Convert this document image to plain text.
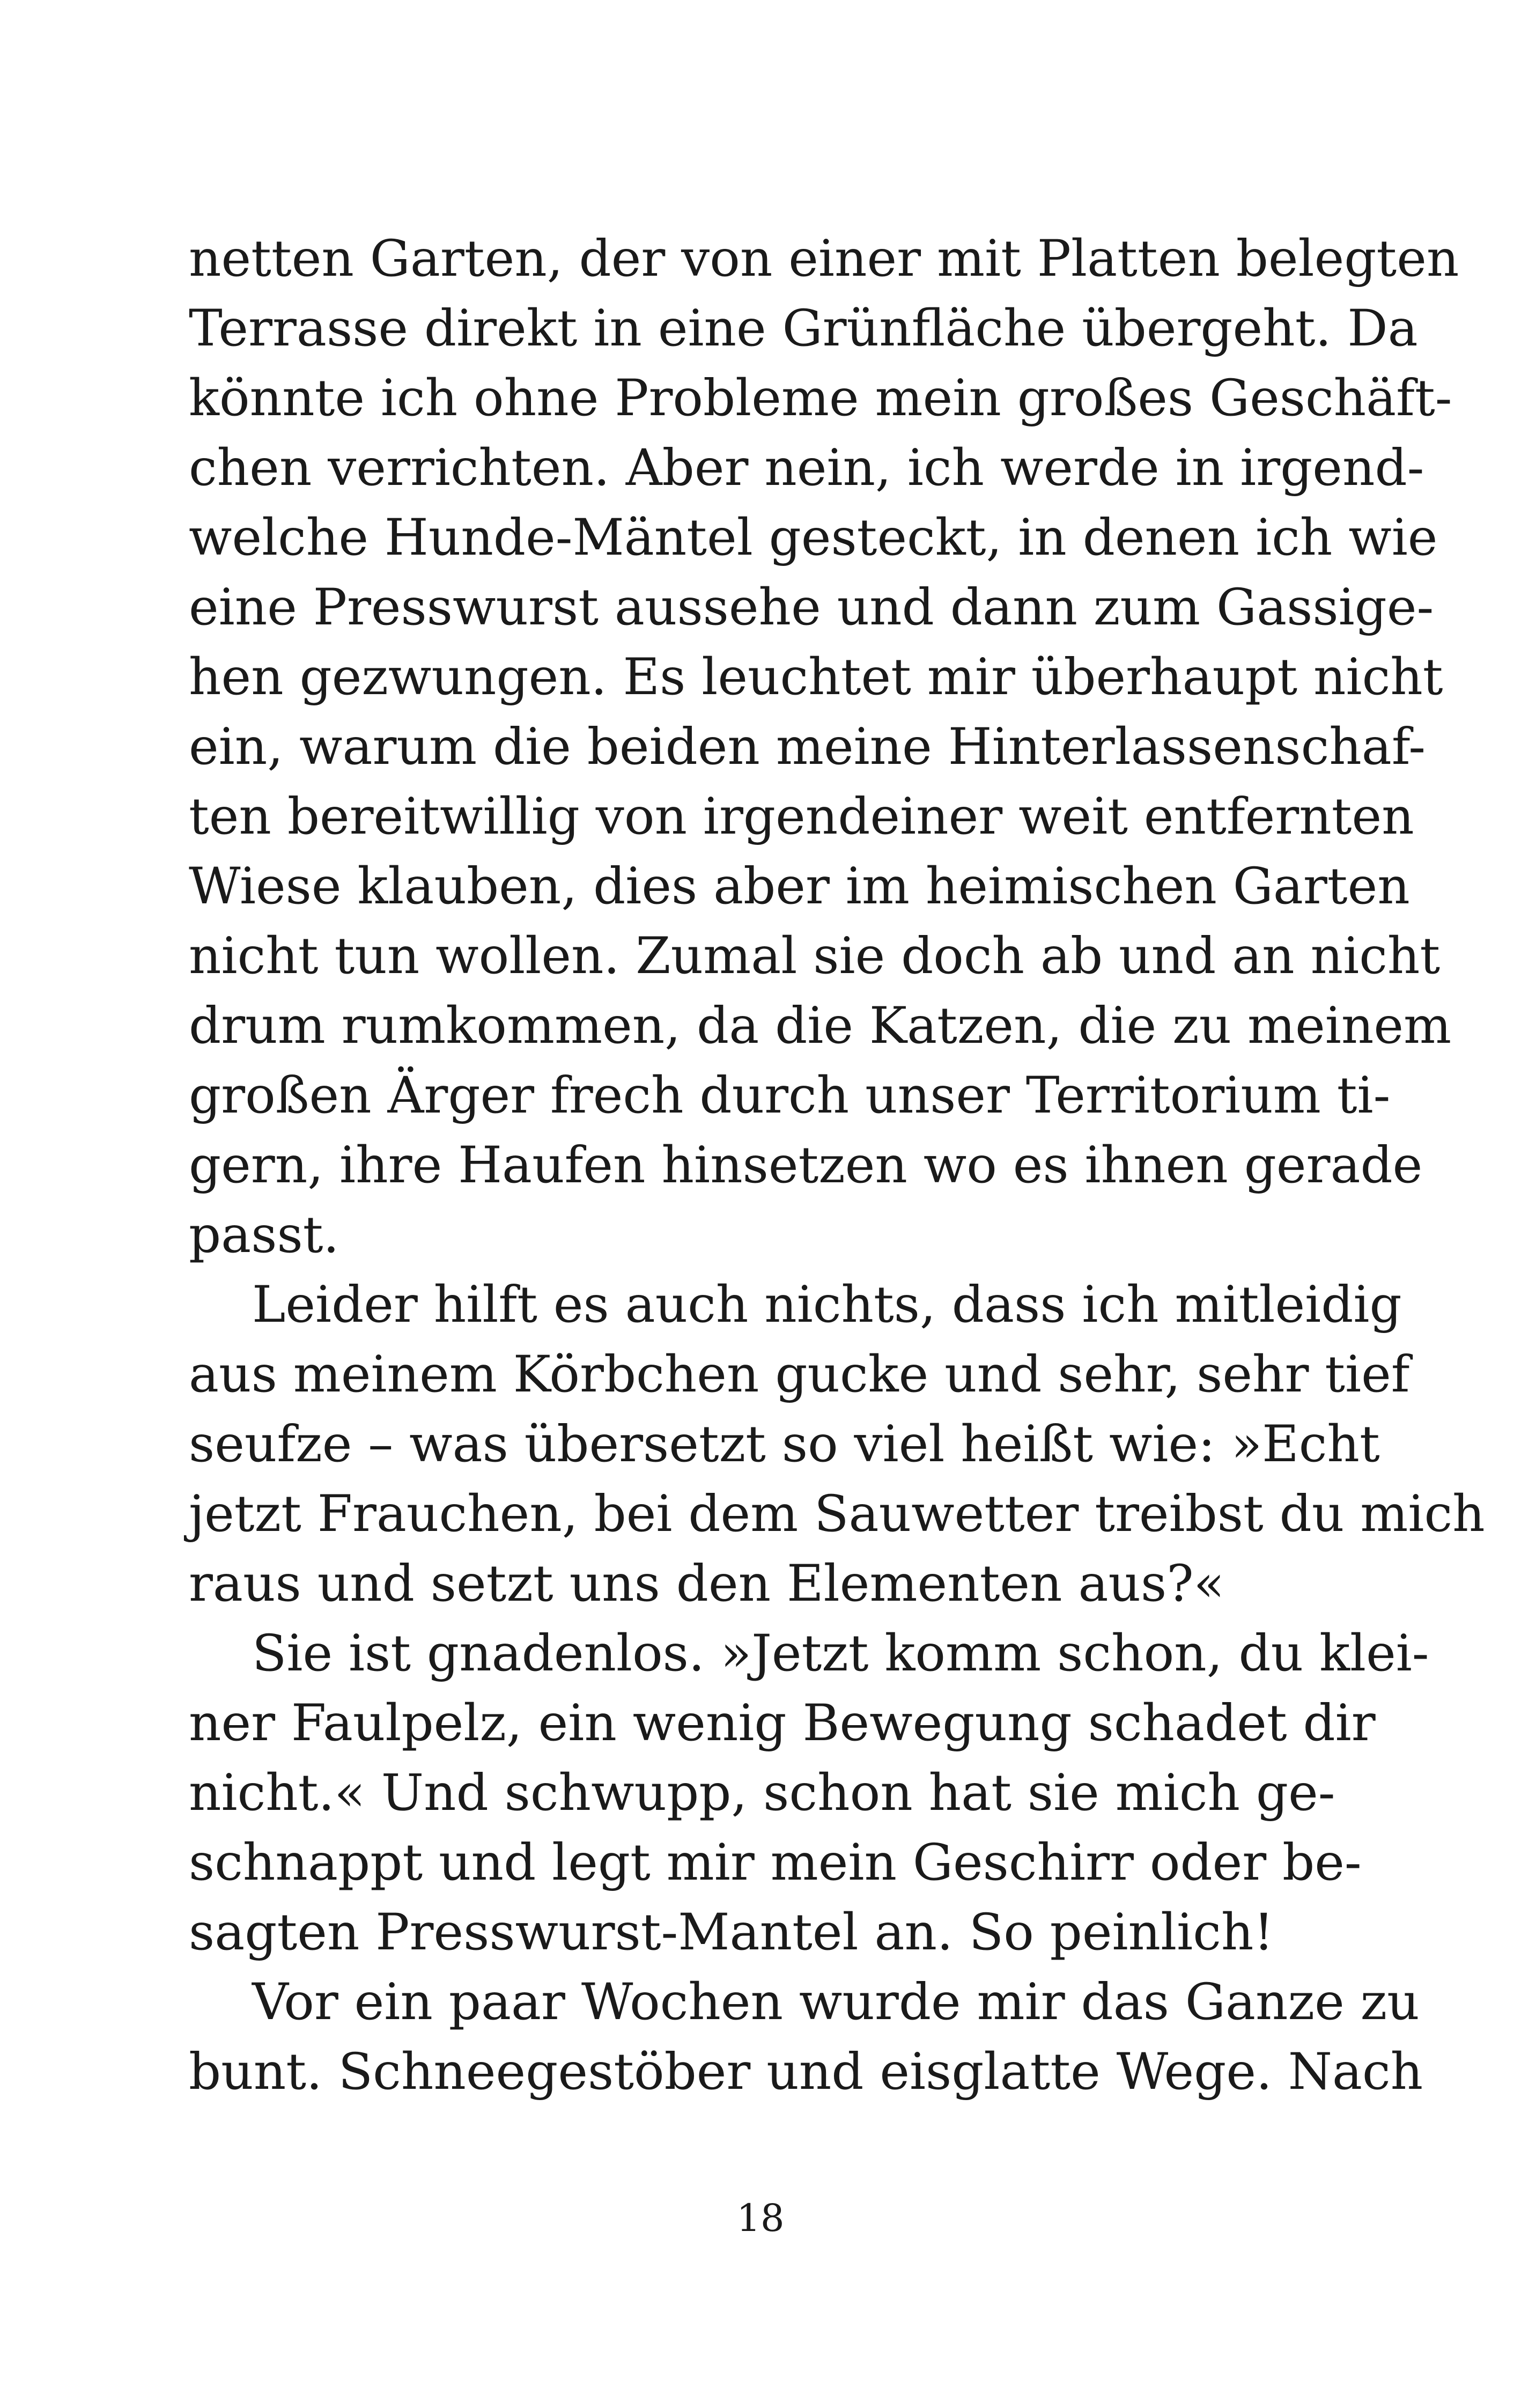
netten Garten, der von einer mit Platten belegten
Terrasse direkt in eine Grünfläche übergeht. Da
könnte ich ohne Probleme mein großes Geschäft-
chen verrichten. Aber nein, ich werde in irgend-
welche Hunde-Mäntel gesteckt, in denen ich wie
eine Presswurst aussehe und dann zum Gassige-
hen gezwungen. Es leuchtet mir überhaupt nicht
ein, warum die beiden meine Hinterlassenschaf-
ten bereitwillig von irgendeiner weit entfernten
Wiese klauben, dies aber im heimischen Garten
nicht tun wollen. Zumal sie doch ab und an nicht
drum rumkommen, da die Katzen, die zu meinem
großen Ärger frech durch unser Territorium ti-
gern, ihre Haufen hinsetzen wo es ihnen gerade
passt.
Leider hilft es auch nichts, dass ich mitleidig
aus meinem Körbchen gucke und sehr, sehr tief
seufze – was übersetzt so viel heißt wie: »Echt
jetzt Frauchen, bei dem Sauwetter treibst du mich
raus und setzt uns den Elementen aus?«
Sie ist gnadenlos. »Jetzt komm schon, du klei-
ner Faulpelz, ein wenig Bewegung schadet dir
nicht.« Und schwupp, schon hat sie mich ge-
schnappt und legt mir mein Geschirr oder be-
sagten Presswurst-Mantel an. So peinlich!
Vor ein paar Wochen wurde mir das Ganze zu
bunt. Schneegestöber und eisglatte Wege. Nach
18
